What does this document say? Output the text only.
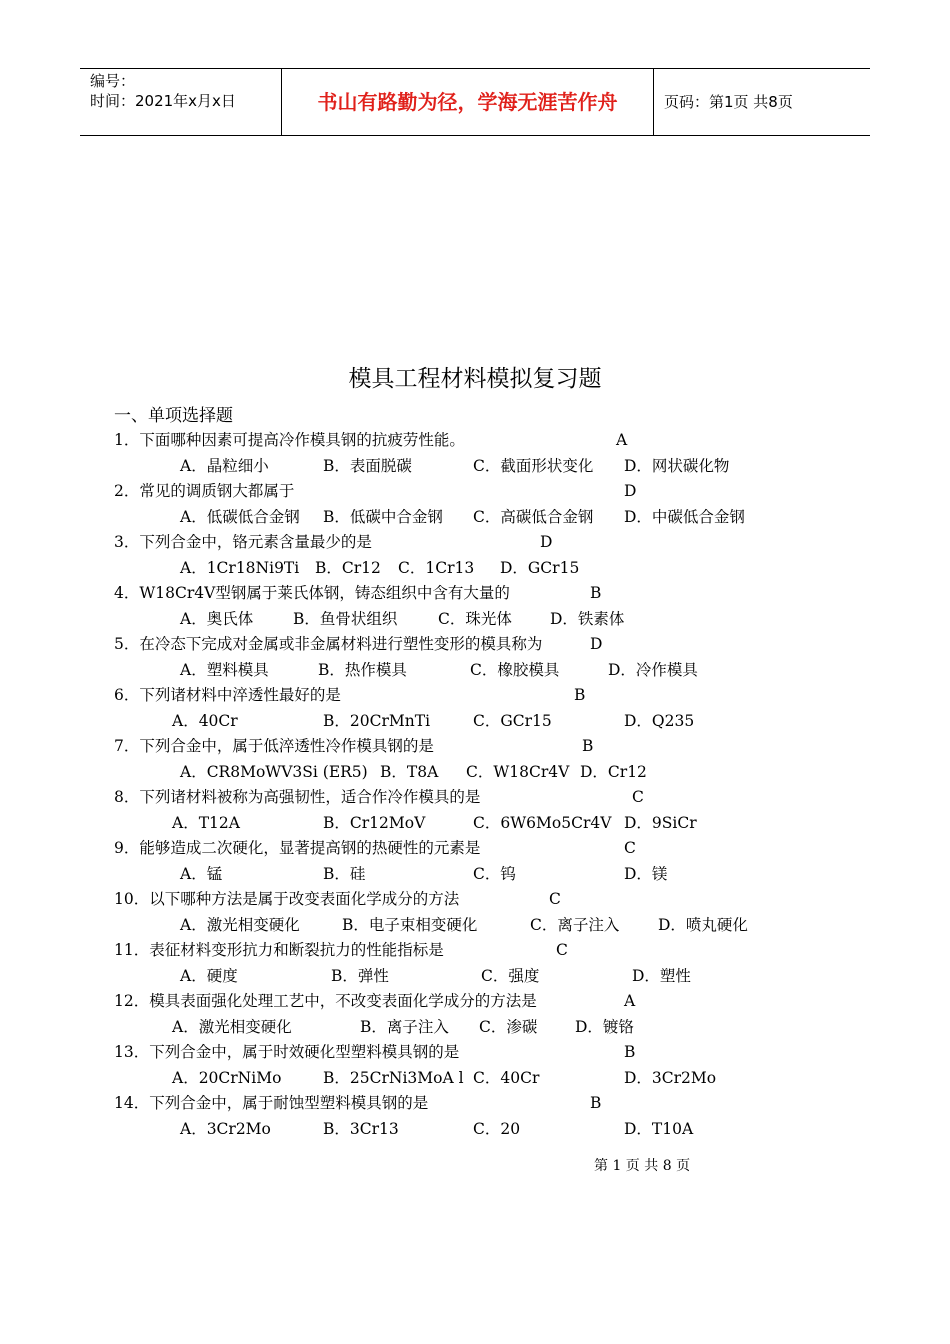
编号：
时间：2021年x月x日	书山有路勤为径，学海无涯苦作舟	页码：第1页 共8页
模具工程材料模拟复习题
一、单项选择题
1．下面哪种因素可提高冷作模具钢的抗疲劳性能。	A
A．晶粒细小	B．表面脱碳	C．截面形状变化 D．网状碳化物
2．常见的调质钢大都属于	D
A．低碳低合金钢 B．低碳中合金钢 C．高碳低合金钢 D．中碳低合金钢
3．下列合金中，铬元素含量最少的是	D
A．1Cr18Ni9Ti B．Cr12 C．1Cr13 D．GCr15
4．W18Cr4V型钢属于莱氏体钢，铸态组织中含有大量的	B
A．奥氏体	B．鱼骨状组织	C．珠光体 D．铁素体
5．在冷态下完成对金属或非金属材料进行塑性变形的模具称为	D
A．塑料模具	B．热作模具	C．橡胶模具	D．冷作模具
6．下列诸材料中淬透性最好的是	B
A．40Cr	B．20CrMnTi	C．GCr15	D．Q235
7．下列合金中，属于低淬透性冷作模具钢的是	B
A．CR8MoWV3Si (ER5) B．T8A C．W18Cr4V D．Cr12
8．下列诸材料被称为高强韧性，适合作冷作模具的是	C
A．T12A	B．Cr12MoV	C．6W6Mo5Cr4V D．9SiCr
9．能够造成二次硬化，显著提高钢的热硬性的元素是	C
A．锰	B．硅	C．钨	D．镁
10．以下哪种方法是属于改变表面化学成分的方法	C
A．激光相变硬化	B．电子束相变硬化	C．离子注入 D．喷丸硬化
11．表征材料变形抗力和断裂抗力的性能指标是	C
A．硬度	B．弹性	C．强度	D．塑性
12．模具表面强化处理工艺中，不改变表面化学成分的方法是	A
A．激光相变硬化	B．离子注入 C．渗碳 D．镀铬
13．下列合金中，属于时效硬化型塑料模具钢的是	B
A．20CrNiMo	B．25CrNi3MoA l C．40Cr	D．3Cr2Mo
14．下列合金中，属于耐蚀型塑料模具钢的是	B
A．3Cr2Mo	B．3Cr13	C．20	D．T10A
第 1 页 共 8 页
